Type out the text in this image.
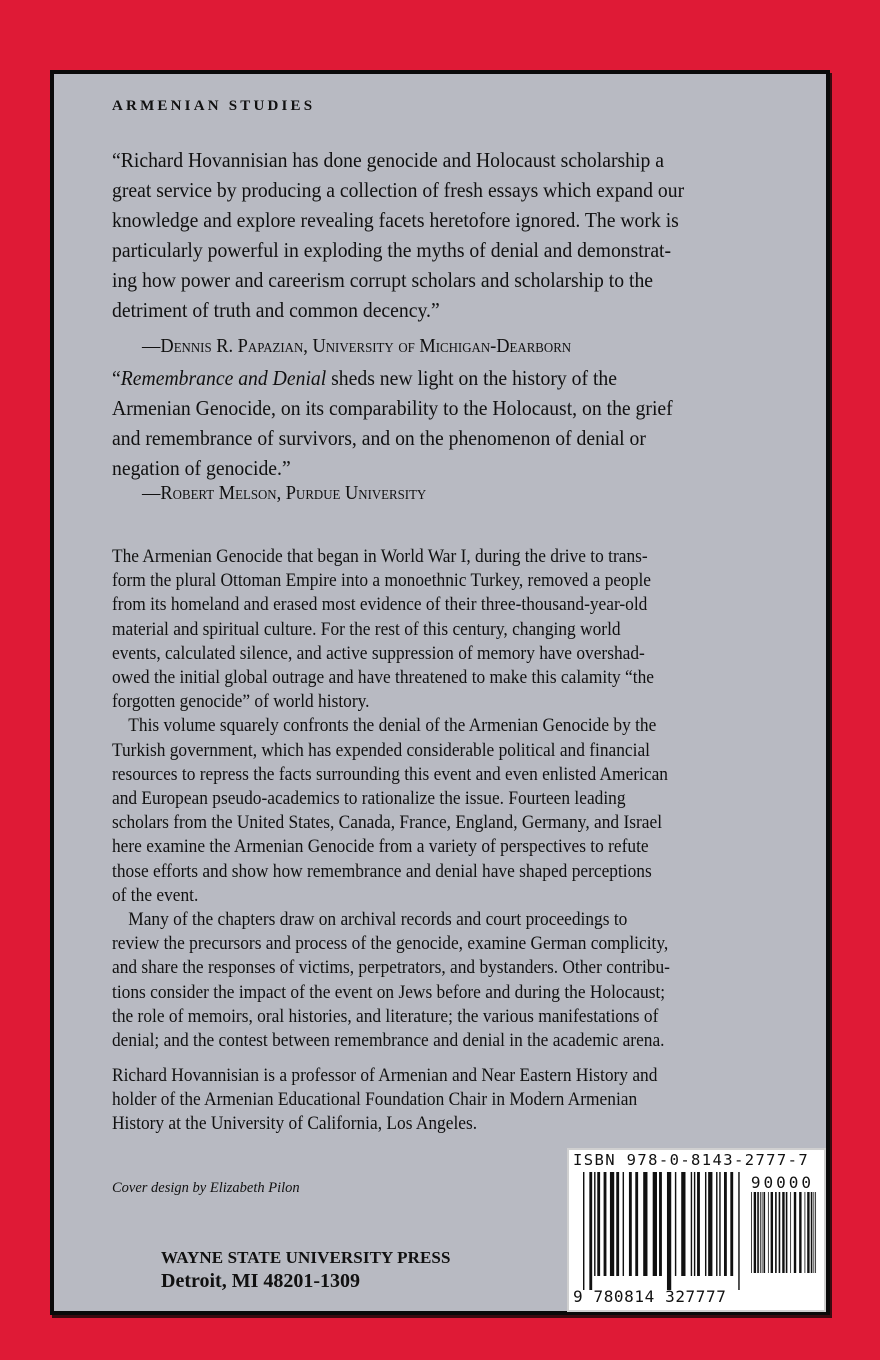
ARMENIAN STUDIES

“Richard Hovannisian has done genocide and Holocaust scholarship a

great service by producing a collection of fresh essays which expand our

knowledge and explore revealing facets heretofore ignored. The work is

particularly powerful in exploding the myths of denial and demonstrat-

ing how power and careerism corrupt scholars and scholarship to the

detriment of truth and common decency.”

—Dennis R. Papazian, University of Michigan-Dearborn

“Remembrance and Denial sheds new light on the history of the

Armenian Genocide, on its comparability to the Holocaust, on the grief

and remembrance of survivors, and on the phenomenon of denial or

negation of genocide.”

—Robert Melson, Purdue University

The Armenian Genocide that began in World War I, during the drive to trans-

form the plural Ottoman Empire into a monoethnic Turkey, removed a people

from its homeland and erased most evidence of their three-thousand-year-old

material and spiritual culture. For the rest of this century, changing world

events, calculated silence, and active suppression of memory have overshad-

owed the initial global outrage and have threatened to make this calamity “the

forgotten genocide” of world history.

This volume squarely confronts the denial of the Armenian Genocide by the

Turkish government, which has expended considerable political and financial

resources to repress the facts surrounding this event and even enlisted American

and European pseudo-academics to rationalize the issue. Fourteen leading

scholars from the United States, Canada, France, England, Germany, and Israel

here examine the Armenian Genocide from a variety of perspectives to refute

those efforts and show how remembrance and denial have shaped perceptions

of the event.

Many of the chapters draw on archival records and court proceedings to

review the precursors and process of the genocide, examine German complicity,

and share the responses of victims, perpetrators, and bystanders. Other contribu-

tions consider the impact of the event on Jews before and during the Holocaust;

the role of memoirs, oral histories, and literature; the various manifestations of

denial; and the contest between remembrance and denial in the academic arena.

Richard Hovannisian is a professor of Armenian and Near Eastern History and

holder of the Armenian Educational Foundation Chair in Modern Armenian

History at the University of California, Los Angeles.

Cover design by Elizabeth Pilon
WAYNE STATE UNIVERSITY PRESS
Detroit, MI 48201-1309
ISBN 978-0-8143-2777-7
90000
9 780814 327777
